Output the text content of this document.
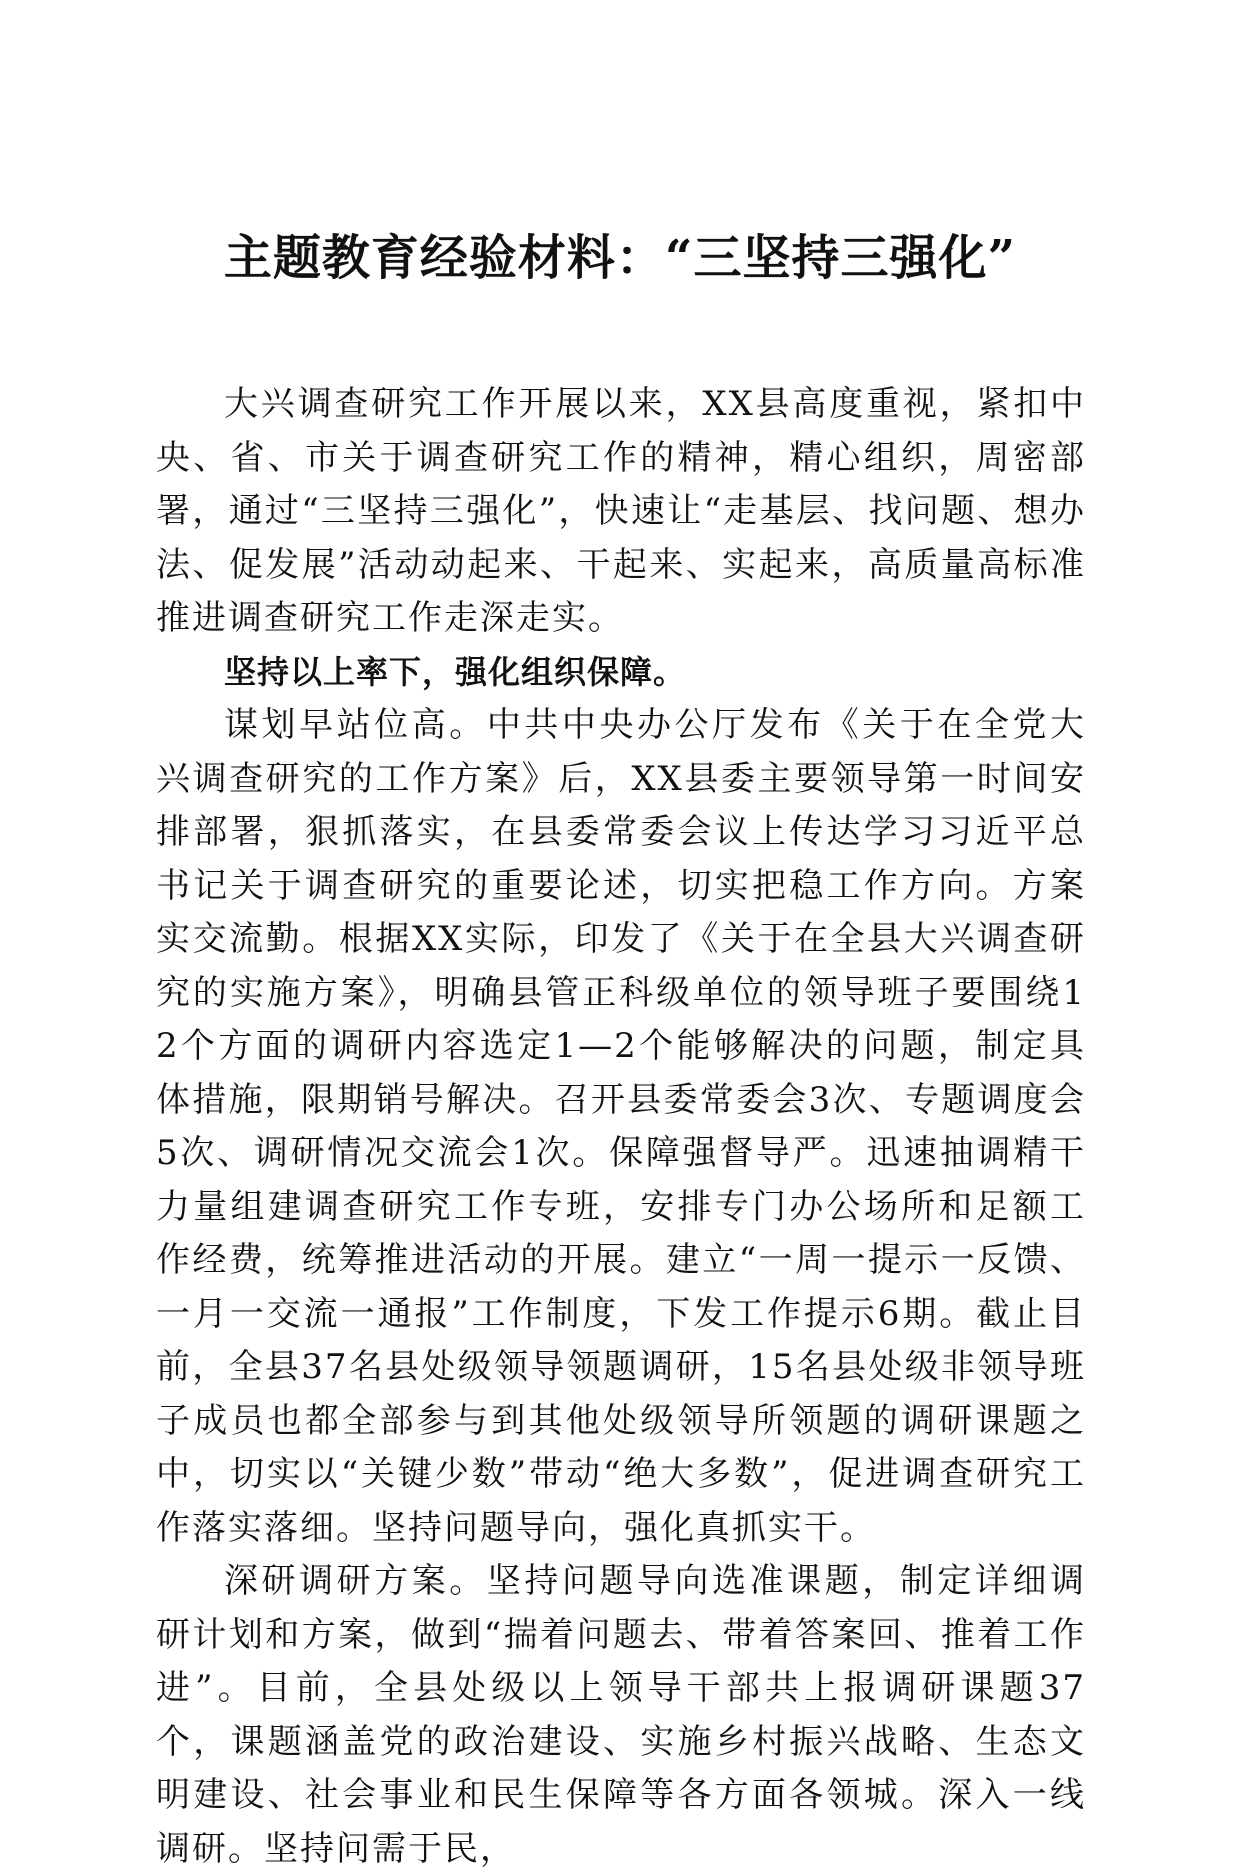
主题教育经验材料：“三坚持三强化”

大兴调查研究工作开展以来，XX县高度重视，紧扣中央、省、市关于调查研究工作的精神，精心组织，周密部署，通过“三坚持三强化”，快速让“走基层、找问题、想办法、促发展”活动动起来、干起来、实起来，高质量高标准推进调查研究工作走深走实。

坚持以上率下，强化组织保障。

谋划早站位高。中共中央办公厅发布《关于在全党大兴调查研究的工作方案》后，XX县委主要领导第一时间安排部署，狠抓落实，在县委常委会议上传达学习习近平总书记关于调查研究的重要论述，切实把稳工作方向。方案实交流勤。根据XX实际，印发了《关于在全县大兴调查研究的实施方案》，明确县管正科级单位的领导班子要围绕12个方面的调研内容选定1—2个能够解决的问题，制定具体措施，限期销号解决。召开县委常委会3次、专题调度会5次、调研情况交流会1次。保障强督导严。迅速抽调精干力量组建调查研究工作专班，安排专门办公场所和足额工作经费，统筹推进活动的开展。建立“一周一提示一反馈、一月一交流一通报”工作制度，下发工作提示6期。截止目前，全县37名县处级领导领题调研，15名县处级非领导班子成员也都全部参与到其他处级领导所领题的调研课题之中，切实以“关键少数”带动“绝大多数”，促进调查研究工作落实落细。坚持问题导向，强化真抓实干。

深研调研方案。坚持问题导向选准课题，制定详细调研计划和方案，做到“揣着问题去、带着答案回、推着工作进”。目前，全县处级以上领导干部共上报调研课题37个，课题涵盖党的政治建设、实施乡村振兴战略、生态文明建设、社会事业和民生保障等各方面各领城。深入一线调研。坚持问需于民，
